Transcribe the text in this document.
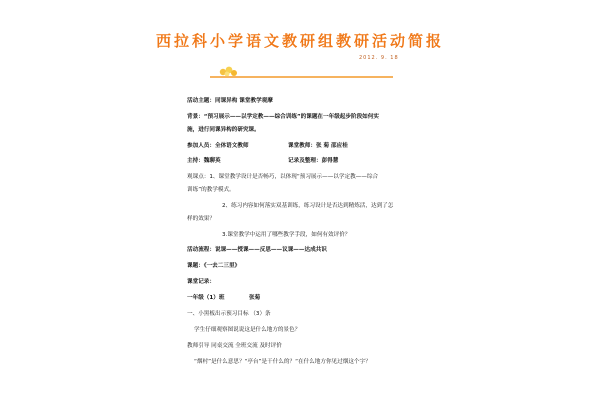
西拉科小学语文教研组教研活动简报
2012. 9. 18
活动主题：同课异构 课堂教学观摩
背景：“预习展示——以学定教——综合训练”的课题在一年级起步阶段如何实
施，进行同课异构的研究课。
参加人员：全体语文教师	课堂教师：张 菊 邵应桂
主持：魏聊英	记录及整理：彭得慧
观课点：1、课堂教学设计是否畅巧，以体现“预习展示——以学定教——综合
训练”的教学模式。
2、练习内容如何落实双基训练，练习设计是否达到精炼活，达到了怎
样的效果？
3.课堂教学中运用了哪些教学手段，如何有效评价？
活动流程：说课——授课——反思——议课——达成共识
课题：《一去二三里》
课堂记录：
一年级（1）班	张菊
一、小黑板出示预习目标 （3）条
学生仔细观察图说说这是什么地方的景色？
教师引导 同桌交流 全班交流 及时评价
“烟村”是什么意思？“亭台”是干什么的？“在什么地方你见过烟这个字？
